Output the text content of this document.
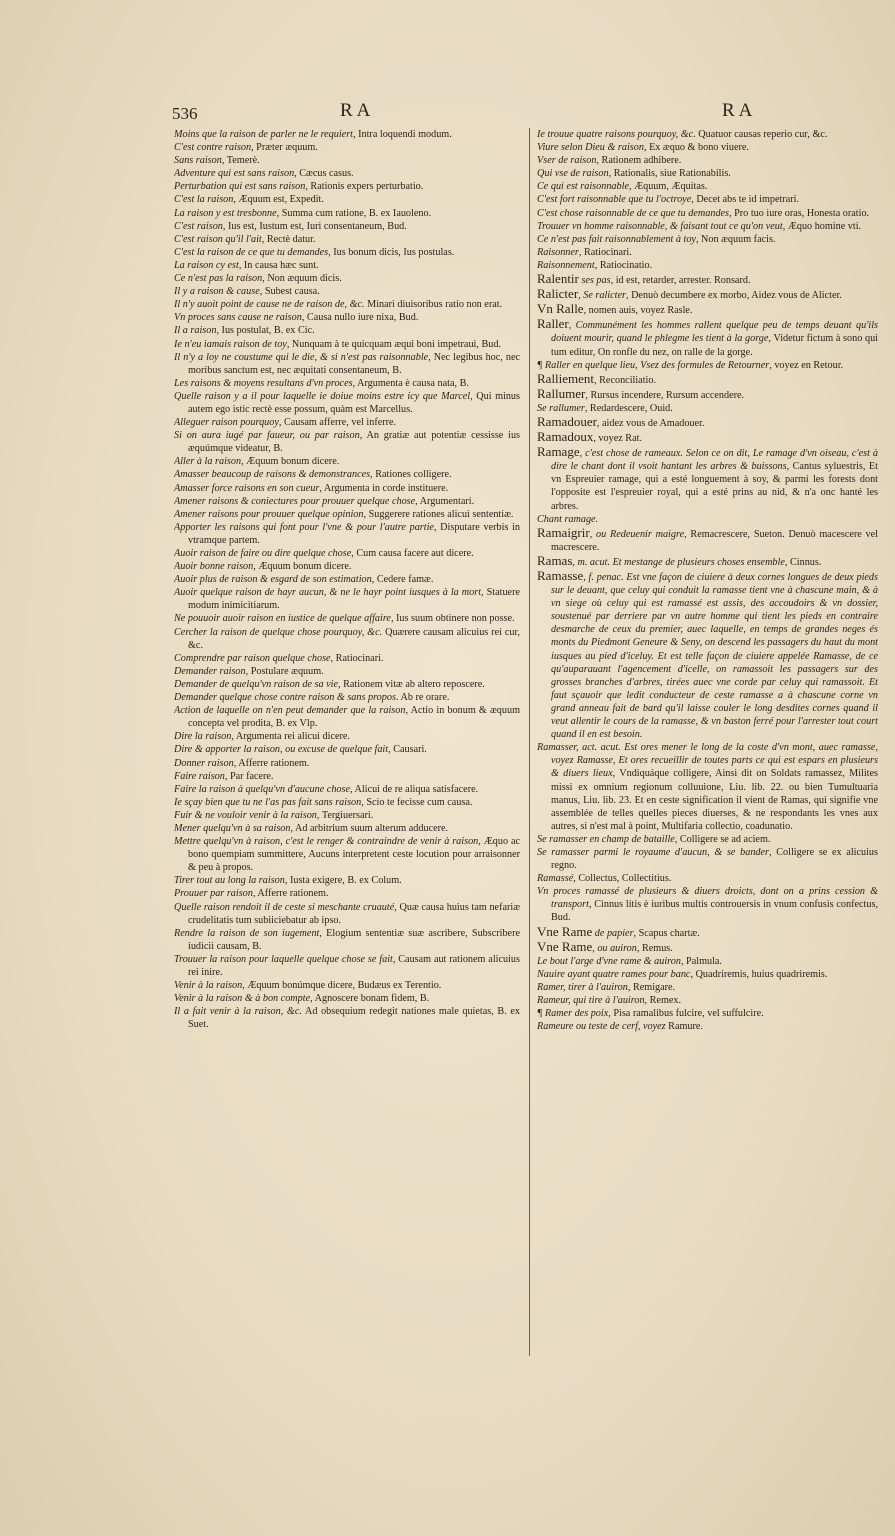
536	RA	RA

Moins que la raison de parler ne le requiert, Intra loquendi modum.

C'est contre raison, Præter æquum.

Sans raison, Temerè.

Adventure qui est sans raison, Cæcus casus.

Perturbation qui est sans raison, Rationis expers perturbatio.

C'est la raison, Æquum est, Expedit.

La raison y est tresbonne, Summa cum ratione, B. ex Iauoleno.

C'est raison, Ius est, Iustum est, Iuri consentaneum, Bud.

C'est raison qu'il l'ait, Rectè datur.

C'est la raison de ce que tu demandes, Ius bonum dicis, Ius postulas.

La raison cy est, In causa hæc sunt.

Ce n'est pas la raison, Non æquum dicis.

Il y a raison & cause, Subest causa.

Il n'y auoit point de cause ne de raison de, &c. Minari diuisoribus ratio non erat.

Vn proces sans cause ne raison, Causa nullo iure nixa, Bud.

Il a raison, Ius postulat, B. ex Cic.

Ie n'eu iamais raison de toy, Nunquam à te quicquam æqui boni impetraui, Bud.

Il n'y a loy ne coustume qui le die, & si n'est pas raisonnable, Nec legibus hoc, nec moribus sanctum est, nec æquitati consentaneum, B.

Les raisons & moyens resultans d'vn proces, Argumenta è causa nata, B.

Quelle raison y a il pour laquelle ie doiue moins estre icy que Marcel, Qui minus autem ego istic rectè esse possum, quàm est Marcellus.

Alleguer raison pourquoy, Causam afferre, vel inferre.

Si on aura iugé par faueur, ou par raison, An gratiæ aut potentiæ cessisse ius æquúmque videatur, B.

Aller à la raison, Æquum bonum dicere.

Amasser beaucoup de raisons & demonstrances, Rationes colligere.

Amasser force raisons en son cueur, Argumenta in corde instituere.

Amener raisons & coniectures pour prouuer quelque chose, Argumentari.

Amener raisons pour prouuer quelque opinion, Suggerere rationes alicui sententiæ.

Apporter les raisons qui font pour l'vne & pour l'autre partie, Disputare verbis in vtramque partem.

Auoir raison de faire ou dire quelque chose, Cum causa facere aut dicere.

Auoir bonne raison, Æquum bonum dicere.

Auoir plus de raison & esgard de son estimation, Cedere famæ.

Auoir quelque raison de hayr aucun, & ne le hayr point iusques à la mort, Statuere modum inimicitiarum.

Ne pouuoir auoir raison en iustice de quelque affaire, Ius suum obtinere non posse.

Cercher la raison de quelque chose pourquoy, &c. Quærere causam alicuius rei cur, &c.

Comprendre par raison quelque chose, Ratiocinari.

Demander raison, Postulare æquum.

Demander de quelqu'vn raison de sa vie, Rationem vitæ ab altero reposcere.

Demander quelque chose contre raison & sans propos. Ab re orare.

Action de laquelle on n'en peut demander que la raison, Actio in bonum & æquum concepta vel prodita, B. ex Vlp.

Dire la raison, Argumenta rei alicui dicere.

Dire & apporter la raison, ou excuse de quelque fait, Causari.

Donner raison, Afferre rationem.

Faire raison, Par facere.

Faire la raison à quelqu'vn d'aucune chose, Alicui de re aliqua satisfacere.

Ie sçay bien que tu ne l'as pas fait sans raison, Scio te fecisse cum causa.

Fuir & ne vouloir venir à la raison, Tergiuersari.

Mener quelqu'vn à sa raison, Ad arbitrium suum alterum adducere.

Mettre quelqu'vn à raison, c'est le renger & contraindre de venir à raison, Æquo ac bono quempiam summittere, Aucuns interpretent ceste locution pour arraisonner & peu à propos.

Tirer tout au long la raison, Iusta exigere, B. ex Colum.

Prouuer par raison, Afferre rationem.

Quelle raison rendoit il de ceste si meschante cruauté, Quæ causa huius tam nefariæ crudelitatis tum subiiciebatur ab ipso.

Rendre la raison de son iugement, Elogium sententiæ suæ ascribere, Subscribere iudicii causam, B.

Trouuer la raison pour laquelle quelque chose se fait, Causam aut rationem alicuius rei inire.

Venir à la raison, Æquum bonúmque dicere, Budæus ex Terentio.

Venir à la raison & à bon compte, Agnoscere bonam fidem, B.

Il a fait venir à la raison, &c. Ad obsequium redegit nationes male quietas, B. ex Suet.

Ie trouue quatre raisons pourquoy, &c. Quatuor causas reperio cur, &c.

Viure selon Dieu & raison, Ex æquo & bono viuere.

Vser de raison, Rationem adhibere.

Qui vse de raison, Rationalis, siue Rationabilis.

Ce qui est raisonnable, Æquum, Æquitas.

C'est fort raisonnable que tu l'octroye, Decet abs te id impetrari.

C'est chose raisonnable de ce que tu demandes, Pro tuo iure oras, Honesta oratio.

Trouuer vn homme raisonnable, & faisant tout ce qu'on veut, Æquo homine vti.

Ce n'est pas fait raisonnablement à toy, Non æquum facis.

Raisonner, Ratiocinari.

Raisonnement, Ratiocinatio.

Ralentir ses pas, id est, retarder, arrester. Ronsard.

Ralicter, Se ralicter, Denuò decumbere ex morbo, Aidez vous de Alicter.

Vn Ralle, nomen auis, voyez Rasle.

Raller, Communément les hommes rallent quelque peu de temps deuant qu'ils doiuent mourir, quand le phlegme les tient à la gorge, Videtur fictum à sono qui tum editur, On ronfle du nez, on ralle de la gorge.

¶ Raller en quelque lieu, Vsez des formules de Retourner, voyez en Retour.

Ralliement, Reconciliatio.

Rallumer, Rursus incendere, Rursum accendere.

Se rallumer, Redardescere, Ouid.

Ramadouer, aidez vous de Amadouer.

Ramadoux, voyez Rat.

Ramage, c'est chose de rameaux. Selon ce on dit, Le ramage d'vn oiseau, c'est à dire le chant dont il vsoit hantant les arbres & buissons, Cantus syluestris, Et vn Espreuier ramage, qui a esté longuement à soy, & parmi les forests dont l'opposite est l'espreuier royal, qui a esté prins au nid, & n'a onc hanté les arbres.

Chant ramage.

Ramaigrir, ou Redeuenir maigre, Remacrescere, Sueton. Denuò macescere vel macrescere.

Ramas, m. acut. Et mestange de plusieurs choses ensemble, Cinnus.

Ramasse, f. penac. Est vne façon de ciuiere à deux cornes longues de deux pieds sur le deuant, que celuy qui conduit la ramasse tient vne à chascune main, & à vn siege où celuy qui est ramassé est assis, des accoudoirs & vn dossier, soustenué par derriere par vn autre homme qui tient les pieds en contraire desmarche de ceux du premier, auec laquelle, en temps de grandes neges és monts du Piedmont Geneure & Seny, on descend les passagers du haut du mont iusques au pied d'iceluy. Et est telle façon de ciuiere appelée Ramasse, de ce qu'auparauant l'agencement d'icelle, on ramassoit les passagers sur des grosses branches d'arbres, tirées auec vne corde par celuy qui ramassoit. Et faut sçauoir que ledit conducteur de ceste ramasse a à chascune corne vn grand anneau fait de bard qu'il laisse couler le long desdites cornes quand il veut allentir le cours de la ramasse, & vn baston ferré pour l'arrester tout court quand il en est besoin.

Ramasser, act. acut. Est ores mener le long de la coste d'vn mont, auec ramasse, voyez Ramasse, Et ores recueillir de toutes parts ce qui est espars en plusieurs & diuers lieux, Vndiquáque colligere, Ainsi dit on Soldats ramassez, Milites missi ex omnium regionum colluuione, Liu. lib. 22. ou bien Tumultuaria manus, Liu. lib. 23. Et en ceste signification il vient de Ramas, qui signifie vne assemblée de telles quelles pieces diuerses, & ne respondants les vnes aux autres, si n'est mal à point, Multifaria collectio, coadunatio.

Se ramasser en champ de bataille, Colligere se ad aciem.

Se ramasser parmi le royaume d'aucun, & se bander, Colligere se ex alicuius regno.

Ramassé, Collectus, Collectitius.

Vn proces ramassé de plusieurs & diuers droicts, dont on a prins cession & transport, Cinnus litis è iuribus multis controuersis in vnum confusis confectus, Bud.

Vne Rame de papier, Scapus chartæ.

Vne Rame, ou auiron, Remus.

Le bout l'arge d'vne rame & auiron, Palmula.

Nauire ayant quatre rames pour banc, Quadriremis, huius quadriremis.

Ramer, tirer à l'auiron, Remigare.

Rameur, qui tire à l'auiron, Remex.

¶ Ramer des poix, Pisa ramalibus fulcire, vel suffulcire.

Rameure ou teste de cerf, voyez Ramure.
